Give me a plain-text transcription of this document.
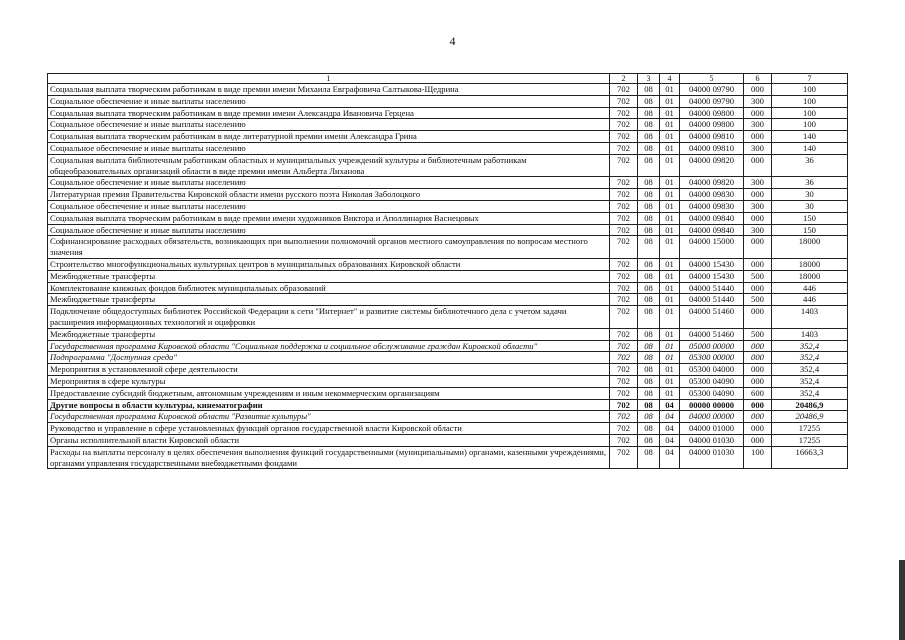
4
1	2	3	4	5	6	7
Социальная выплата творческим работникам в виде премии имени Михаила Евграфовича Салтыкова-Щедрина	702	08	01	04000 09790	000	100
Социальное обеспечение и иные выплаты населению	702	08	01	04000 09790	300	100
Социальная выплата творческим работникам в виде премии имени Александра Ивановича Герцена	702	08	01	04000 09800	000	100
Социальное обеспечение и иные выплаты населению	702	08	01	04000 09800	300	100
Социальная выплата творческим работникам в виде литературной премии имени Александра Грина	702	08	01	04000 09810	000	140
Социальное обеспечение и иные выплаты населению	702	08	01	04000 09810	300	140
Социальная выплата библиотечным работникам областных и муниципальных учреждений культуры и библиотечным работникам общеобразовательных организаций области в виде премии имени Альберта Лиханова	702	08	01	04000 09820	000	36
Социальное обеспечение и иные выплаты населению	702	08	01	04000 09820	300	36
Литературная премия Правительства Кировской области имени русского поэта Николая Заболоцкого	702	08	01	04000 09830	000	30
Социальное обеспечение и иные выплаты населению	702	08	01	04000 09830	300	30
Социальная выплата творческим работникам в виде премии имени художников Виктора и Аполлинария Васнецовых	702	08	01	04000 09840	000	150
Социальное обеспечение и иные выплаты населению	702	08	01	04000 09840	300	150
Софинансирование расходных обязательств, возникающих при выполнении полномочий органов местного самоуправления по вопросам местного значения	702	08	01	04000 15000	000	18000
Строительство многофункциональных культурных центров в муниципальных образованиях Кировской области	702	08	01	04000 15430	000	18000
Межбюджетные трансферты	702	08	01	04000 15430	500	18000
Комплектование книжных фондов библиотек муниципальных образований	702	08	01	04000 51440	000	446
Межбюджетные трансферты	702	08	01	04000 51440	500	446
Подключение общедоступных библиотек Российской Федерации к сети "Интернет" и развитие системы библиотечного дела с учетом задачи расширения информационных технологий и оцифровки	702	08	01	04000 51460	000	1403
Межбюджетные трансферты	702	08	01	04000 51460	500	1403
Государственная программа Кировской области "Социальная поддержка и социальное обслуживание граждан Кировской области"	702	08	01	05000 00000	000	352,4
Подпрограмма "Доступная среда"	702	08	01	05300 00000	000	352,4
Мероприятия в установленной сфере деятельности	702	08	01	05300 04000	000	352,4
Мероприятия в сфере культуры	702	08	01	05300 04090	000	352,4
Предоставление субсидий бюджетным, автономным учреждениям и иным некоммерческим организациям	702	08	01	05300 04090	600	352,4
Другие вопросы в области культуры, кинематографии	702	08	04	00000 00000	000	20486,9
Государственная программа Кировской области "Развитие культуры"	702	08	04	04000 00000	000	20486,9
Руководство и управление в сфере установленных функций органов государственной власти Кировской области	702	08	04	04000 01000	000	17255
Органы исполнительной власти Кировской области	702	08	04	04000 01030	000	17255
Расходы на выплаты персоналу в целях обеспечения выполнения функций государственными (муниципальными) органами, казенными учреждениями, органами управления государственными внебюджетными фондами	702	08	04	04000 01030	100	16663,3
